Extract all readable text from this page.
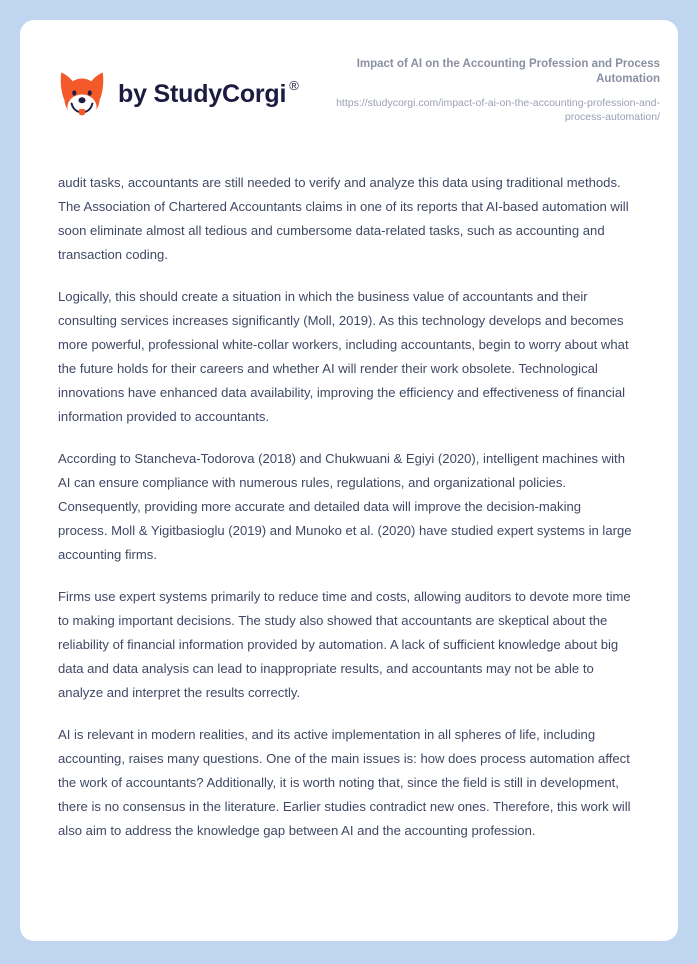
by StudyCorgi ®
Impact of AI on the Accounting Profession and Process Automation
https://studycorgi.com/impact-of-ai-on-the-accounting-profession-and-process-automation/

audit tasks, accountants are still needed to verify and analyze this data using traditional methods. The Association of Chartered Accountants claims in one of its reports that AI-based automation will soon eliminate almost all tedious and cumbersome data-related tasks, such as accounting and transaction coding.

Logically, this should create a situation in which the business value of accountants and their consulting services increases significantly (Moll, 2019). As this technology develops and becomes more powerful, professional white-collar workers, including accountants, begin to worry about what the future holds for their careers and whether AI will render their work obsolete. Technological innovations have enhanced data availability, improving the efficiency and effectiveness of financial information provided to accountants.

According to Stancheva-Todorova (2018) and Chukwuani & Egiyi (2020), intelligent machines with AI can ensure compliance with numerous rules, regulations, and organizational policies. Consequently, providing more accurate and detailed data will improve the decision-making process. Moll & Yigitbasioglu (2019) and Munoko et al. (2020) have studied expert systems in large accounting firms.

Firms use expert systems primarily to reduce time and costs, allowing auditors to devote more time to making important decisions. The study also showed that accountants are skeptical about the reliability of financial information provided by automation. A lack of sufficient knowledge about big data and data analysis can lead to inappropriate results, and accountants may not be able to analyze and interpret the results correctly.

AI is relevant in modern realities, and its active implementation in all spheres of life, including accounting, raises many questions. One of the main issues is: how does process automation affect the work of accountants? Additionally, it is worth noting that, since the field is still in development, there is no consensus in the literature. Earlier studies contradict new ones. Therefore, this work will also aim to address the knowledge gap between AI and the accounting profession.
